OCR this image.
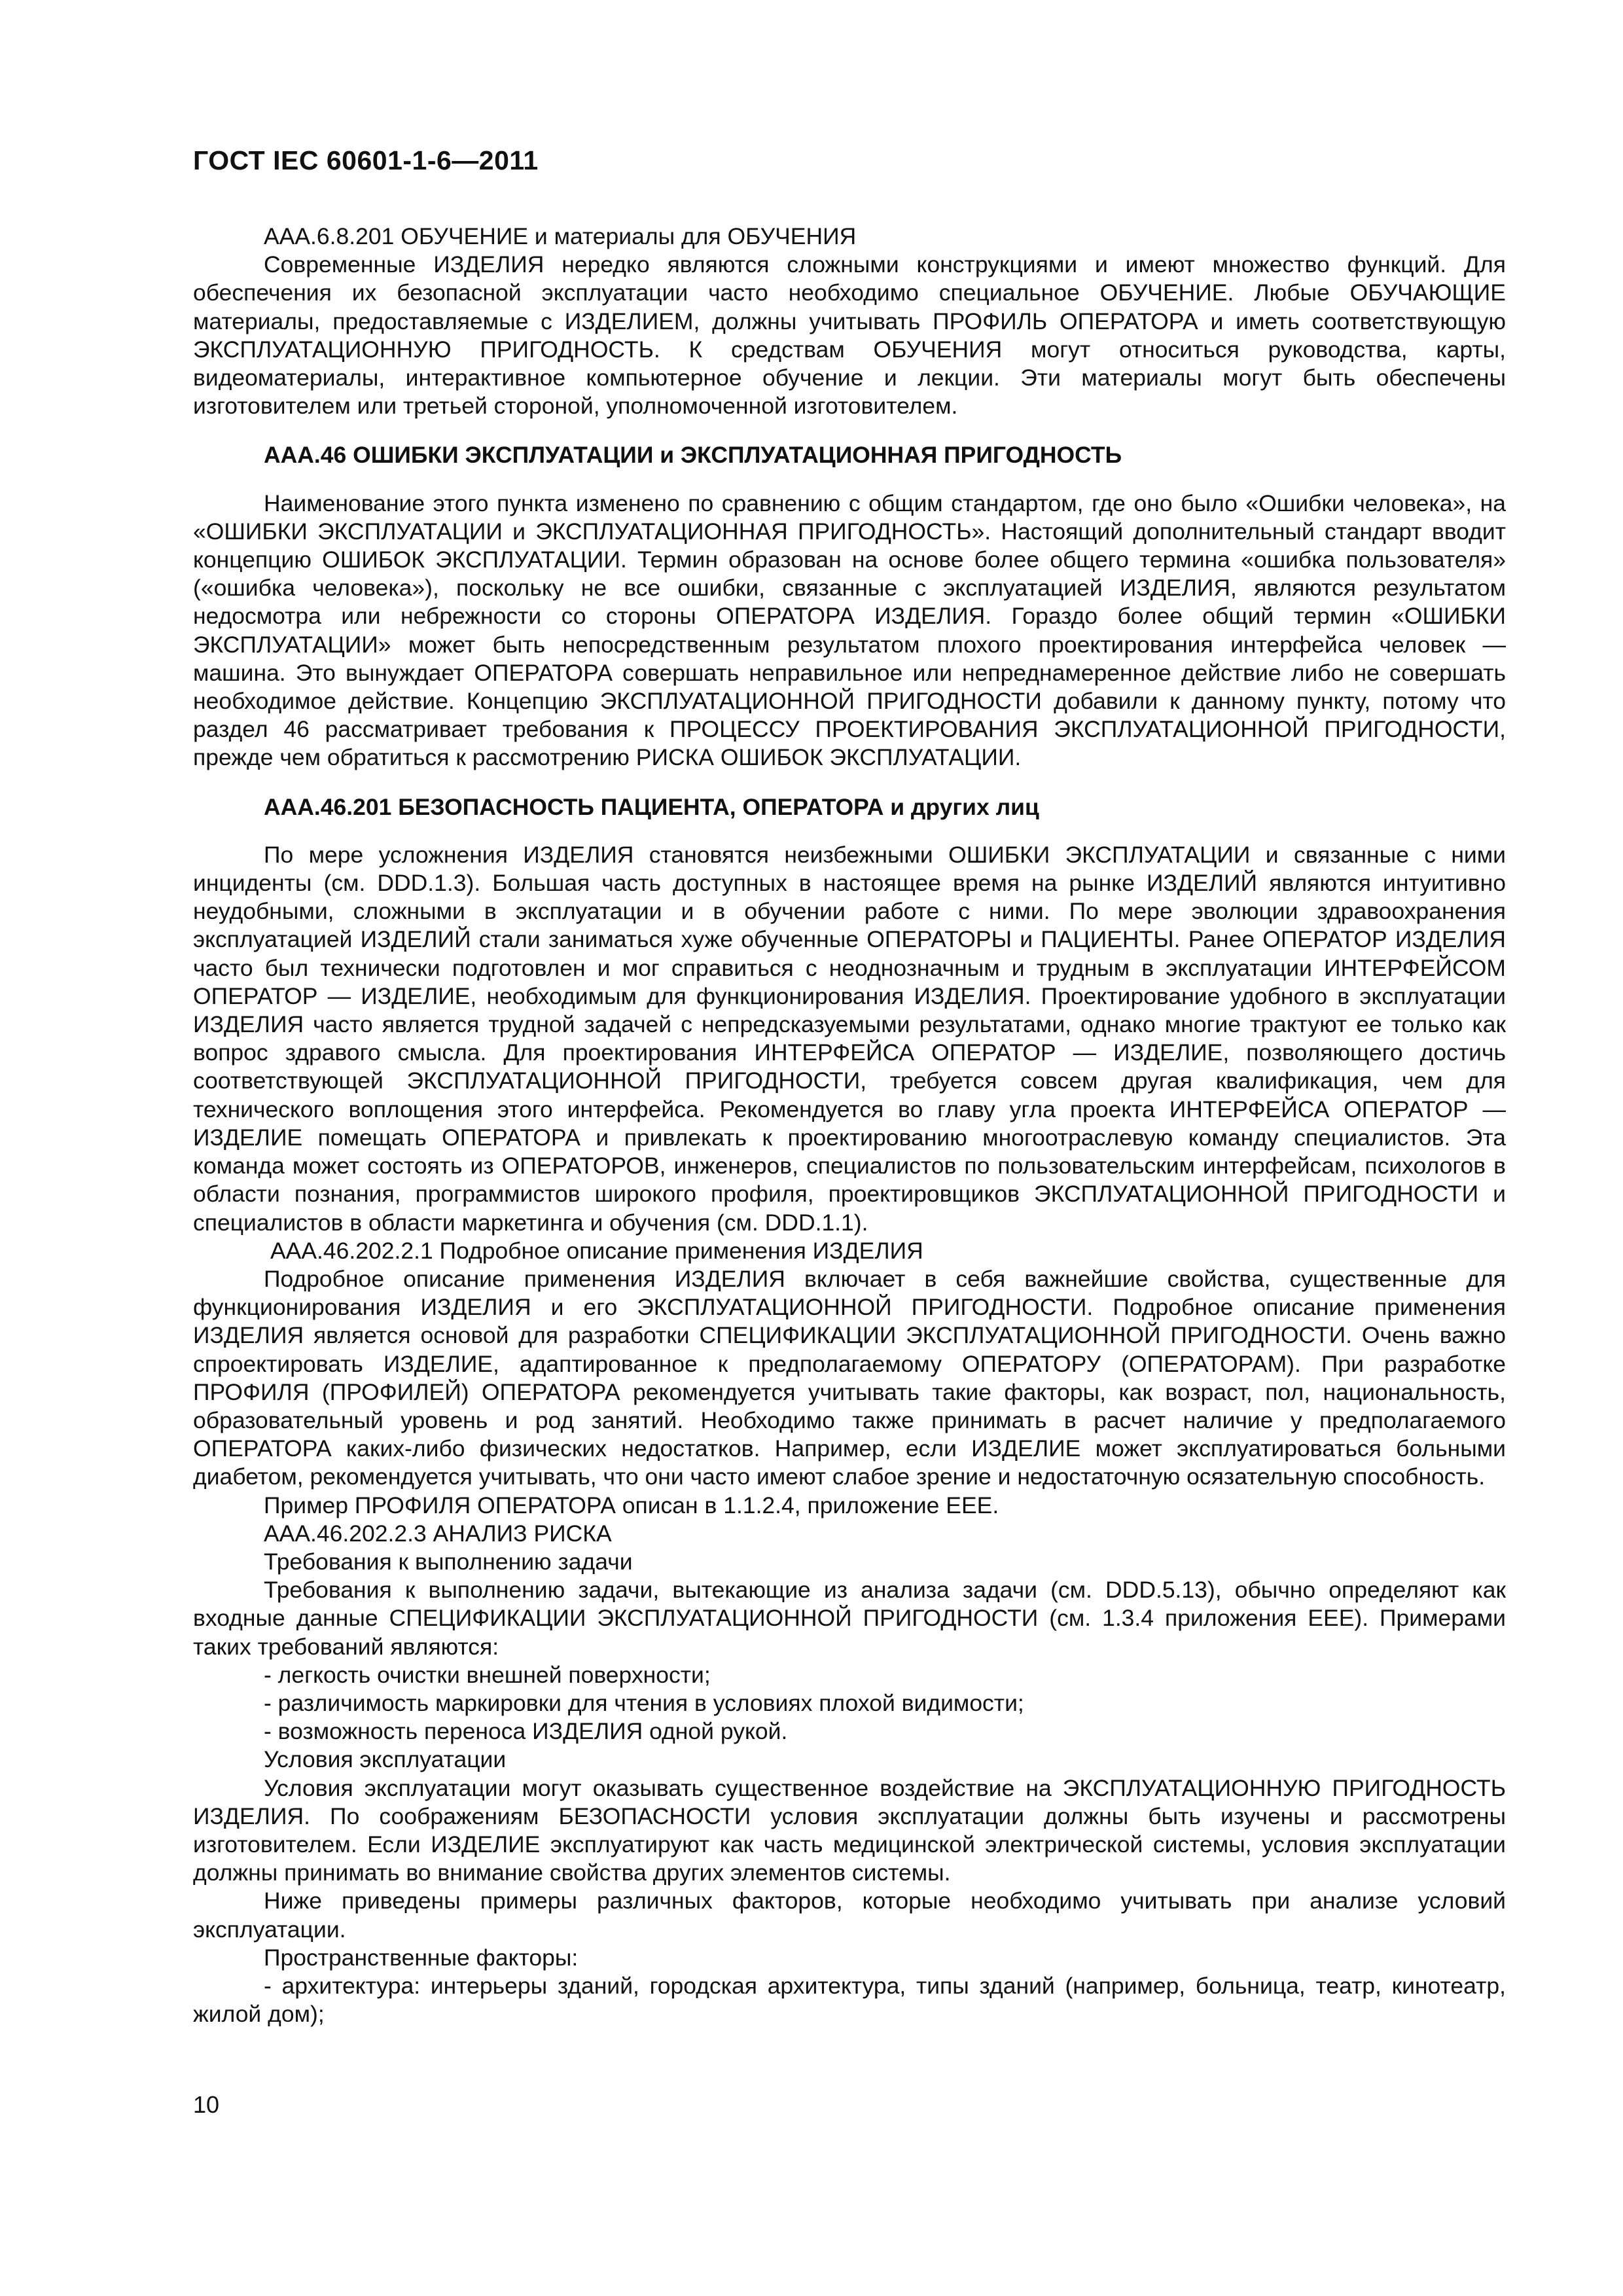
ГОСТ IEC 60601-1-6—2011

AAA.6.8.201 ОБУЧЕНИЕ и материалы для ОБУЧЕНИЯ

Современные ИЗДЕЛИЯ нередко являются сложными конструкциями и имеют множество функций. Для обеспечения их безопасной эксплуатации часто необходимо специальное ОБУЧЕНИЕ. Любые ОБУЧАЮЩИЕ материалы, предоставляемые с ИЗДЕЛИЕМ, должны учитывать ПРОФИЛЬ ОПЕРАТОРА и иметь соответствующую ЭКСПЛУАТАЦИОННУЮ ПРИГОДНОСТЬ. К средствам ОБУЧЕНИЯ могут относиться руководства, карты, видеоматериалы, интерактивное компьютерное обучение и лекции. Эти материалы могут быть обеспечены изготовителем или третьей стороной, уполномоченной изготовителем.

AAA.46 ОШИБКИ ЭКСПЛУАТАЦИИ и ЭКСПЛУАТАЦИОННАЯ ПРИГОДНОСТЬ

Наименование этого пункта изменено по сравнению с общим стандартом, где оно было «Ошибки человека», на «ОШИБКИ ЭКСПЛУАТАЦИИ и ЭКСПЛУАТАЦИОННАЯ ПРИГОДНОСТЬ». Настоящий дополнительный стандарт вводит концепцию ОШИБОК ЭКСПЛУАТАЦИИ. Термин образован на основе более общего термина «ошибка пользователя» («ошибка человека»), поскольку не все ошибки, связанные с эксплуатацией ИЗДЕЛИЯ, являются результатом недосмотра или небрежности со стороны ОПЕРАТОРА ИЗДЕЛИЯ. Гораздо более общий термин «ОШИБКИ ЭКСПЛУАТАЦИИ» может быть непосредственным результатом плохого проектирования интерфейса человек — машина. Это вынуждает ОПЕРАТОРА совершать неправильное или непреднамеренное действие либо не совершать необходимое действие. Концепцию ЭКСПЛУАТАЦИОННОЙ ПРИГОДНОСТИ добавили к данному пункту, потому что раздел 46 рассматривает требования к ПРОЦЕССУ ПРОЕКТИРОВАНИЯ ЭКСПЛУАТАЦИОННОЙ ПРИГОДНОСТИ, прежде чем обратиться к рассмотрению РИСКА ОШИБОК ЭКСПЛУАТАЦИИ.

AAA.46.201 БЕЗОПАСНОСТЬ ПАЦИЕНТА, ОПЕРАТОРА и других лиц

По мере усложнения ИЗДЕЛИЯ становятся неизбежными ОШИБКИ ЭКСПЛУАТАЦИИ и связанные с ними инциденты (см. DDD.1.3). Большая часть доступных в настоящее время на рынке ИЗДЕЛИЙ являются интуитивно неудобными, сложными в эксплуатации и в обучении работе с ними. По мере эволюции здравоохранения эксплуатацией ИЗДЕЛИЙ стали заниматься хуже обученные ОПЕРАТОРЫ и ПАЦИЕНТЫ. Ранее ОПЕРАТОР ИЗДЕЛИЯ часто был технически подготовлен и мог справиться с неоднозначным и трудным в эксплуатации ИНТЕРФЕЙСОМ ОПЕРАТОР — ИЗДЕЛИЕ, необходимым для функционирования ИЗДЕЛИЯ. Проектирование удобного в эксплуатации ИЗДЕЛИЯ часто является трудной задачей с непредсказуемыми результатами, однако многие трактуют ее только как вопрос здравого смысла. Для проектирования ИНТЕРФЕЙСА ОПЕРАТОР — ИЗДЕЛИЕ, позволяющего достичь соответствующей ЭКСПЛУАТАЦИОННОЙ ПРИГОДНОСТИ, требуется совсем другая квалификация, чем для технического воплощения этого интерфейса. Рекомендуется во главу угла проекта ИНТЕРФЕЙСА ОПЕРАТОР — ИЗДЕЛИЕ помещать ОПЕРАТОРА и привлекать к проектированию многоотраслевую команду специалистов. Эта команда может состоять из ОПЕРАТОРОВ, инженеров, специалистов по пользовательским интерфейсам, психологов в области познания, программистов широкого профиля, проектировщиков ЭКСПЛУАТАЦИОННОЙ ПРИГОДНОСТИ и специалистов в области маркетинга и обучения (см. DDD.1.1).

AAA.46.202.2.1 Подробное описание применения ИЗДЕЛИЯ

Подробное описание применения ИЗДЕЛИЯ включает в себя важнейшие свойства, существенные для функционирования ИЗДЕЛИЯ и его ЭКСПЛУАТАЦИОННОЙ ПРИГОДНОСТИ. Подробное описание применения ИЗДЕЛИЯ является основой для разработки СПЕЦИФИКАЦИИ ЭКСПЛУАТАЦИОННОЙ ПРИГОДНОСТИ. Очень важно спроектировать ИЗДЕЛИЕ, адаптированное к предполагаемому ОПЕРАТОРУ (ОПЕРАТОРАМ). При разработке ПРОФИЛЯ (ПРОФИЛЕЙ) ОПЕРАТОРА рекомендуется учитывать такие факторы, как возраст, пол, национальность, образовательный уровень и род занятий. Необходимо также принимать в расчет наличие у предполагаемого ОПЕРАТОРА каких-либо физических недостатков. Например, если ИЗДЕЛИЕ может эксплуатироваться больными диабетом, рекомендуется учитывать, что они часто имеют слабое зрение и недостаточную осязательную способность.

Пример ПРОФИЛЯ ОПЕРАТОРА описан в 1.1.2.4, приложение EEE.

AAA.46.202.2.3 АНАЛИЗ РИСКА

Требования к выполнению задачи

Требования к выполнению задачи, вытекающие из анализа задачи (см. DDD.5.13), обычно определяют как входные данные СПЕЦИФИКАЦИИ ЭКСПЛУАТАЦИОННОЙ ПРИГОДНОСТИ (см. 1.3.4 приложения EEE). Примерами таких требований являются:

- легкость очистки внешней поверхности;

- различимость маркировки для чтения в условиях плохой видимости;

- возможность переноса ИЗДЕЛИЯ одной рукой.

Условия эксплуатации

Условия эксплуатации могут оказывать существенное воздействие на ЭКСПЛУАТАЦИОННУЮ ПРИГОДНОСТЬ ИЗДЕЛИЯ. По соображениям БЕЗОПАСНОСТИ условия эксплуатации должны быть изучены и рассмотрены изготовителем. Если ИЗДЕЛИЕ эксплуатируют как часть медицинской электрической системы, условия эксплуатации должны принимать во внимание свойства других элементов системы.

Ниже приведены примеры различных факторов, которые необходимо учитывать при анализе условий эксплуатации.

Пространственные факторы:

- архитектура: интерьеры зданий, городская архитектура, типы зданий (например, больница, театр, кинотеатр, жилой дом);

10
